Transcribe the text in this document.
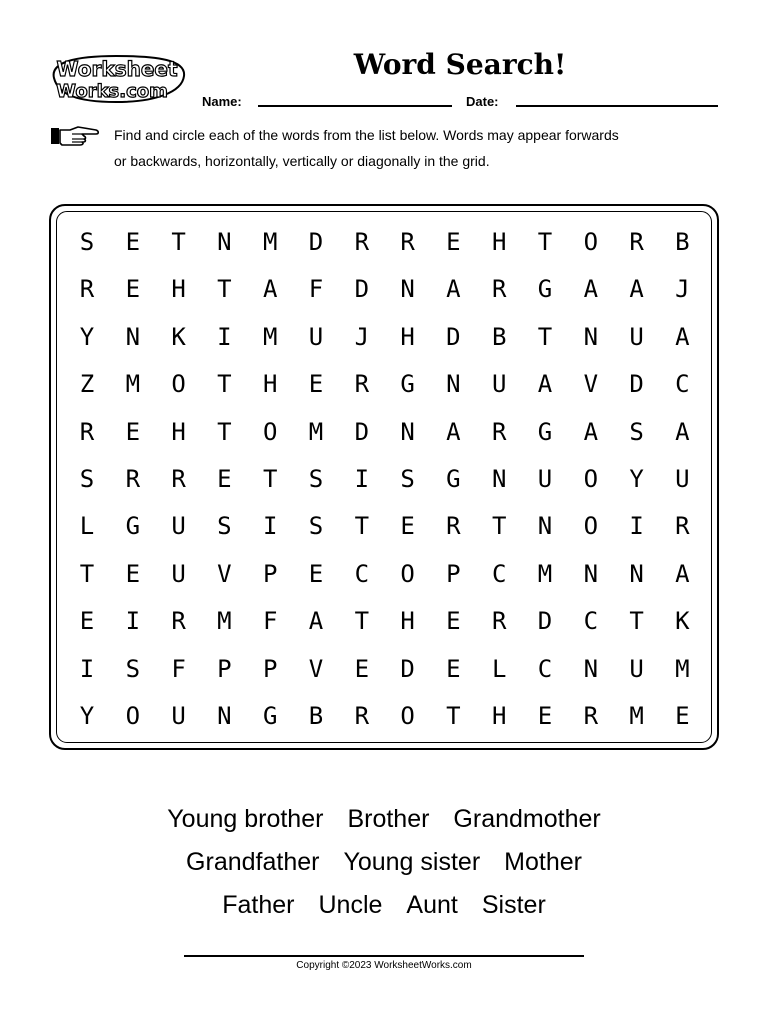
Worksheet
Works.com
Word Search!
Name:	Date:
Find and circle each of the words from the list below. Words may appear forwards
or backwards, horizontally, vertically or diagonally in the grid.
S	E	T	N	M	D	R	R	E	H	T	O	R	B
R	E	H	T	A	F	D	N	A	R	G	A	A	J
Y	N	K	I	M	U	J	H	D	B	T	N	U	A
Z	M	O	T	H	E	R	G	N	U	A	V	D	C
R	E	H	T	O	M	D	N	A	R	G	A	S	A
S	R	R	E	T	S	I	S	G	N	U	O	Y	U
L	G	U	S	I	S	T	E	R	T	N	O	I	R
T	E	U	V	P	E	C	O	P	C	M	N	N	A
E	I	R	M	F	A	T	H	E	R	D	C	T	K
I	S	F	P	P	V	E	D	E	L	C	N	U	M
Y	O	U	N	G	B	R	O	T	H	E	R	M	E
Young brother Brother Grandmother
Grandfather Young sister Mother
Father Uncle Aunt Sister
Copyright ©2023 WorksheetWorks.com
